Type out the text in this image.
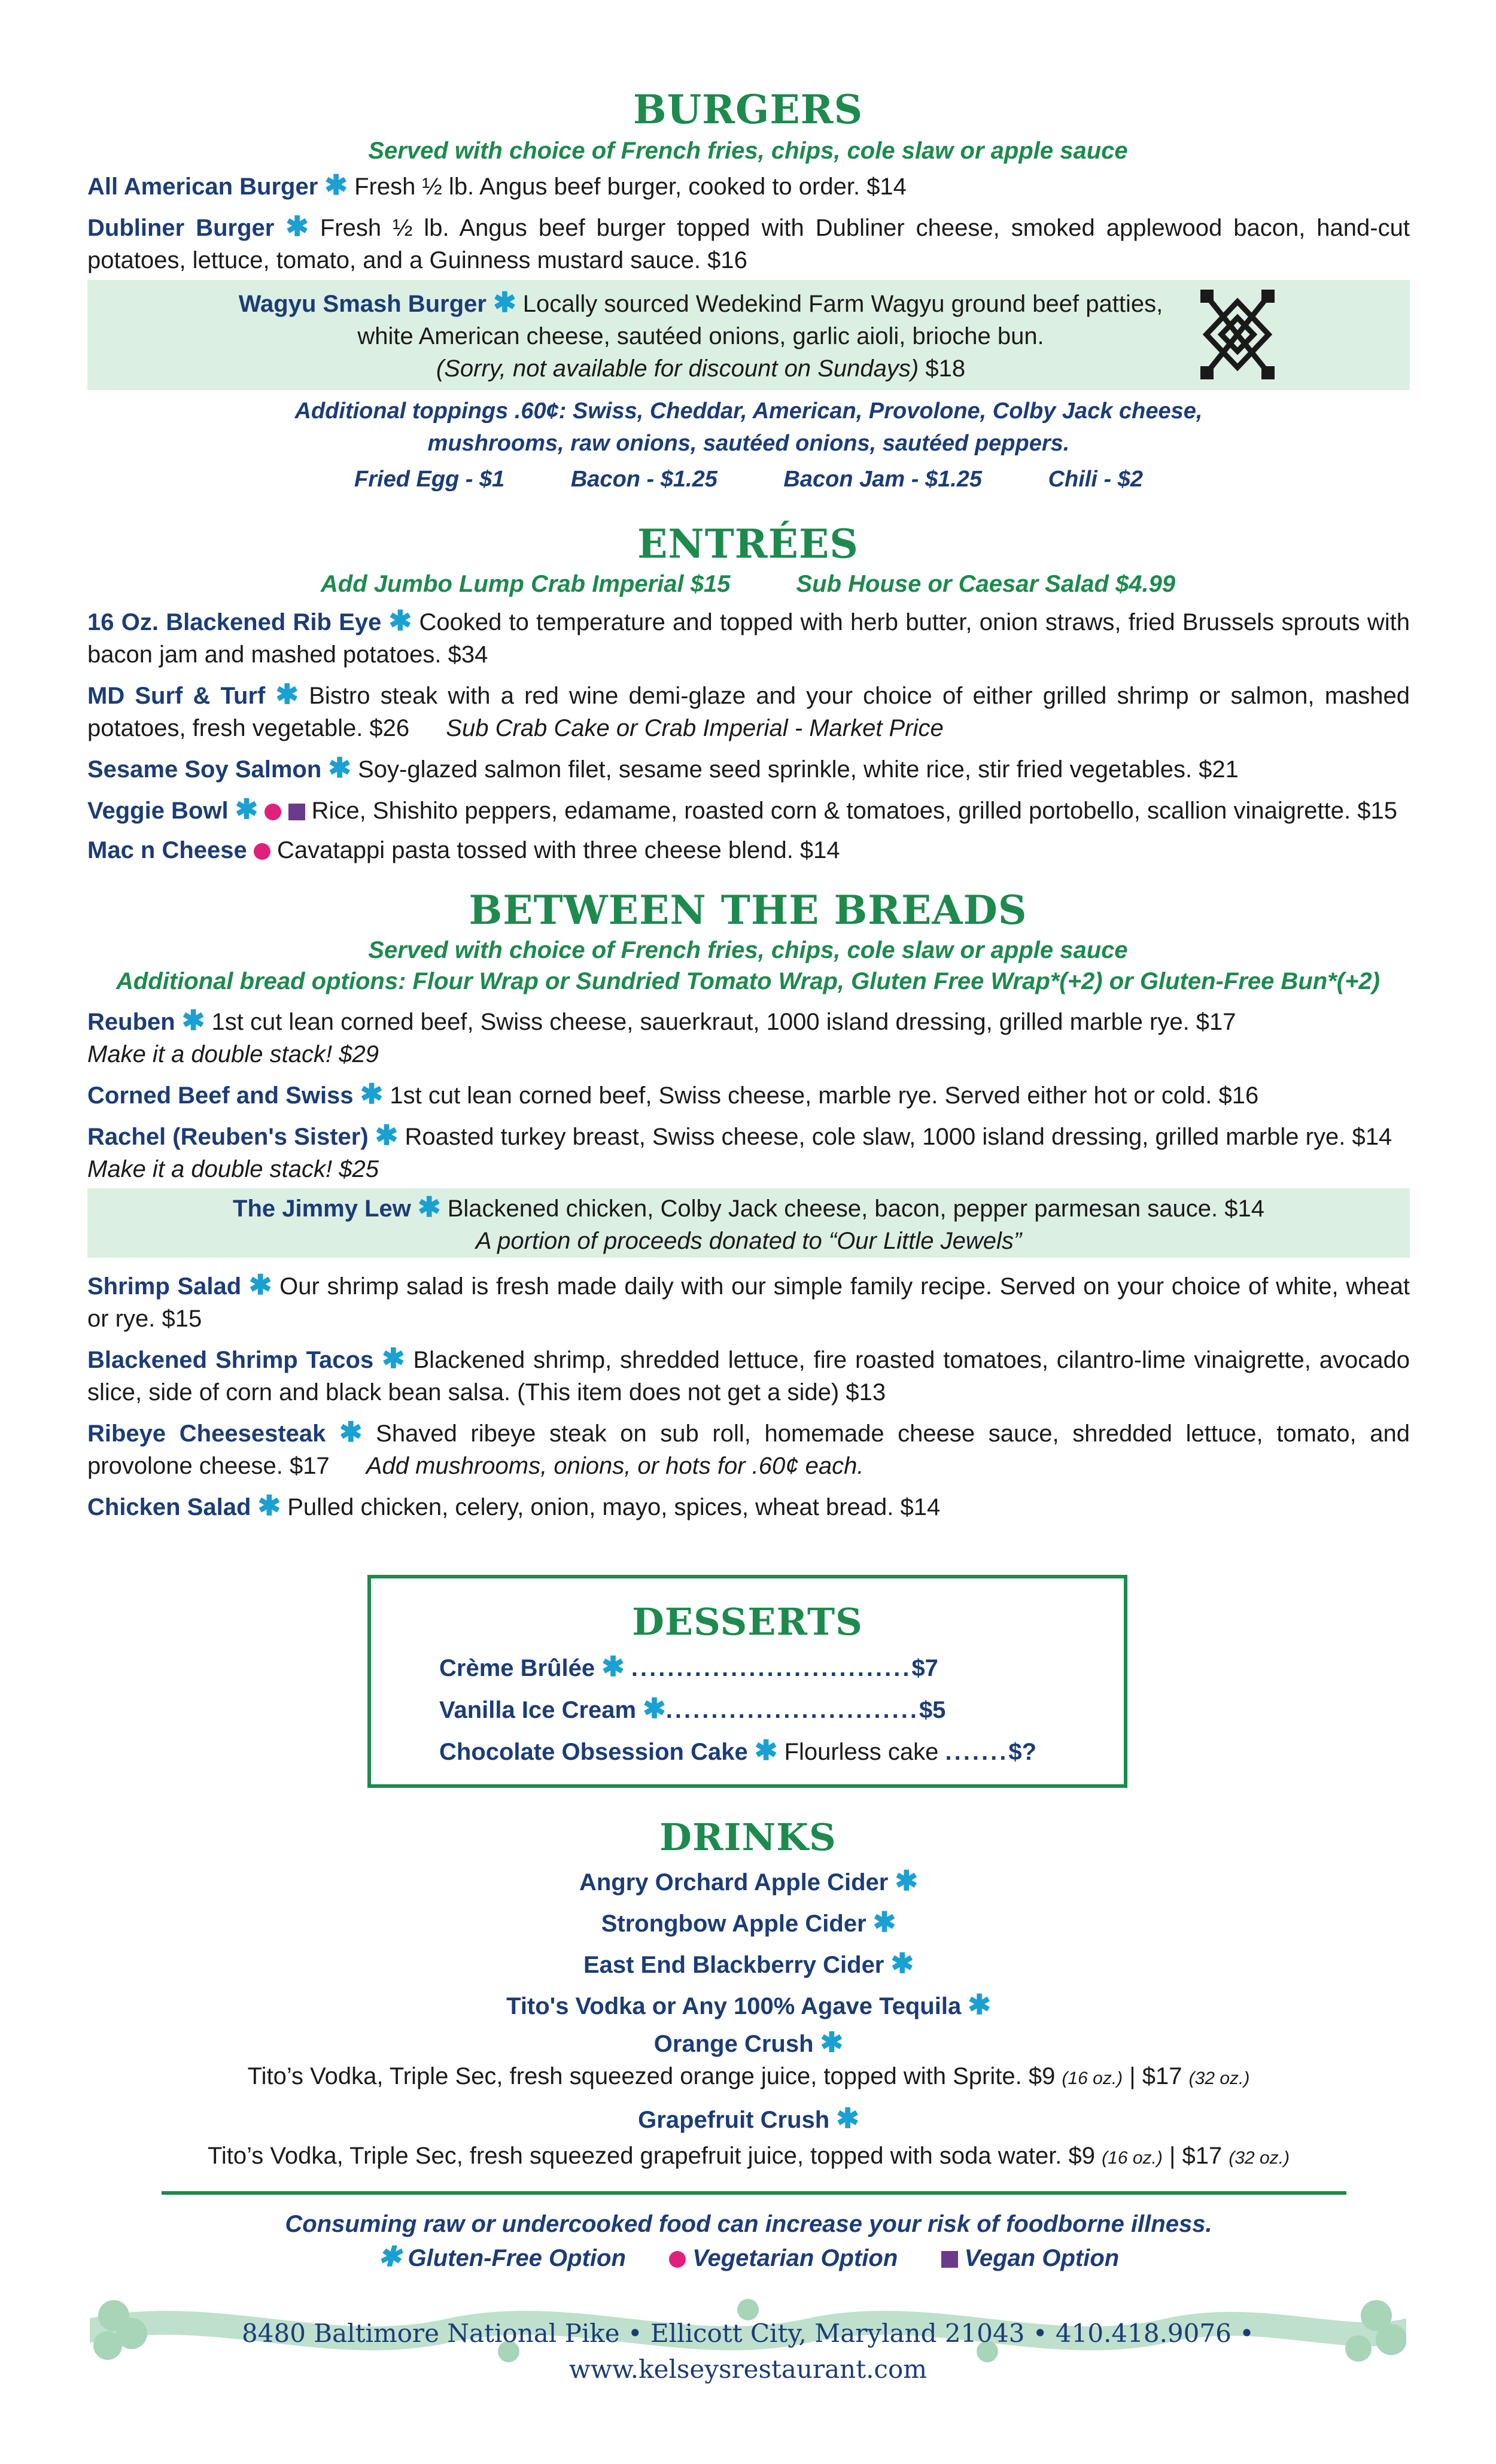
BURGERS

Served with choice of French fries, chips, cole slaw or apple sauce

All American Burger ✱ Fresh ½ lb. Angus beef burger, cooked to order. $14

Dubliner Burger ✱ Fresh ½ lb. Angus beef burger topped with Dubliner cheese, smoked applewood bacon, hand-cut potatoes, lettuce, tomato, and a Guinness mustard sauce. $16

Wagyu Smash Burger ✱ Locally sourced Wedekind Farm Wagyu ground beef patties,
white American cheese, sautéed onions, garlic aioli, brioche bun.
(Sorry, not available for discount on Sundays) $18
Additional toppings .60¢: Swiss, Cheddar, American, Provolone, Colby Jack cheese,
mushrooms, raw onions, sautéed onions, sautéed peppers.
Fried Egg - $1	Bacon - $1.25	Bacon Jam - $1.25	Chili - $2
ENTRÉES

Add Jumbo Lump Crab Imperial $15	Sub House or Caesar Salad $4.99

16 Oz. Blackened Rib Eye ✱ Cooked to temperature and topped with herb butter, onion straws, fried Brussels sprouts with bacon jam and mashed potatoes. $34

MD Surf & Turf ✱ Bistro steak with a red wine demi-glaze and your choice of either grilled shrimp or salmon, mashed potatoes, fresh vegetable. $26 Sub Crab Cake or Crab Imperial - Market Price

Sesame Soy Salmon ✱ Soy-glazed salmon filet, sesame seed sprinkle, white rice, stir fried vegetables. $21

Veggie Bowl ✱ Rice, Shishito peppers, edamame, roasted corn & tomatoes, grilled portobello, scallion vinaigrette. $15

Mac n Cheese Cavatappi pasta tossed with three cheese blend. $14

BETWEEN THE BREADS

Served with choice of French fries, chips, cole slaw or apple sauce

Additional bread options: Flour Wrap or Sundried Tomato Wrap, Gluten Free Wrap*(+2) or Gluten-Free Bun*(+2)

Reuben ✱ 1st cut lean corned beef, Swiss cheese, sauerkraut, 1000 island dressing, grilled marble rye. $17
Make it a double stack! $29

Corned Beef and Swiss ✱ 1st cut lean corned beef, Swiss cheese, marble rye. Served either hot or cold. $16

Rachel (Reuben's Sister) ✱ Roasted turkey breast, Swiss cheese, cole slaw, 1000 island dressing, grilled marble rye. $14
Make it a double stack! $25

The Jimmy Lew ✱ Blackened chicken, Colby Jack cheese, bacon, pepper parmesan sauce. $14
A portion of proceeds donated to “Our Little Jewels”

Shrimp Salad ✱ Our shrimp salad is fresh made daily with our simple family recipe. Served on your choice of white, wheat or rye. $15

Blackened Shrimp Tacos ✱ Blackened shrimp, shredded lettuce, fire roasted tomatoes, cilantro-lime vinaigrette, avocado slice, side of corn and black bean salsa. (This item does not get a side) $13

Ribeye Cheesesteak ✱ Shaved ribeye steak on sub roll, homemade cheese sauce, shredded lettuce, tomato, and provolone cheese. $17 Add mushrooms, onions, or hots for .60¢ each.

Chicken Salad ✱ Pulled chicken, celery, onion, mayo, spices, wheat bread. $14

DESSERTS
Crème Brûlée ✱ ...............................$7
Vanilla Ice Cream ✱............................$5
Chocolate Obsession Cake ✱ Flourless cake .......$?
DRINKS
Angry Orchard Apple Cider ✱
Strongbow Apple Cider ✱
East End Blackberry Cider ✱
Tito's Vodka or Any 100% Agave Tequila ✱
Orange Crush ✱
Tito’s Vodka, Triple Sec, fresh squeezed orange juice, topped with Sprite. $9 (16 oz.) | $17 (32 oz.)
Grapefruit Crush ✱
Tito’s Vodka, Triple Sec, fresh squeezed grapefruit juice, topped with soda water. $9 (16 oz.) | $17 (32 oz.)
Consuming raw or undercooked food can increase your risk of foodborne illness.
✱ Gluten-Free Option	Vegetarian Option	Vegan Option
8480 Baltimore National Pike • Ellicott City, Maryland 21043 • 410.418.9076 • www.kelseysrestaurant.com
